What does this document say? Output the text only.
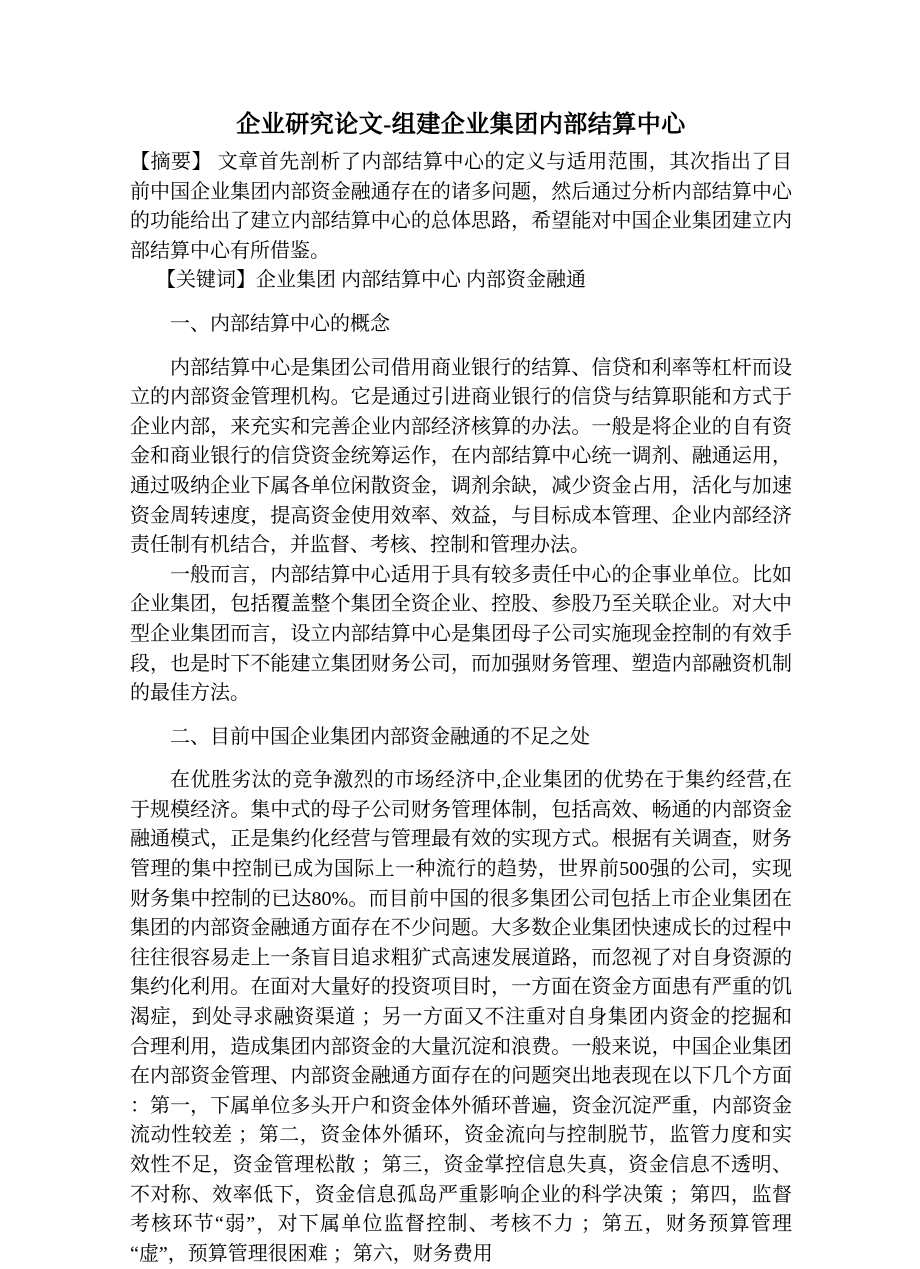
企业研究论文-组建企业集团内部结算中心

【摘要】 文章首先剖析了内部结算中心的定义与适用范围，其次指出了目前中国企业集团内部资金融通存在的诸多问题，然后通过分析内部结算中心的功能给出了建立内部结算中心的总体思路，希望能对中国企业集团建立内部结算中心有所借鉴。

【关键词】企业集团 内部结算中心 内部资金融通

一、内部结算中心的概念

内部结算中心是集团公司借用商业银行的结算、信贷和利率等杠杆而设立的内部资金管理机构。它是通过引进商业银行的信贷与结算职能和方式于企业内部，来充实和完善企业内部经济核算的办法。一般是将企业的自有资金和商业银行的信贷资金统筹运作，在内部结算中心统一调剂、融通运用，通过吸纳企业下属各单位闲散资金，调剂余缺，减少资金占用，活化与加速资金周转速度，提高资金使用效率、效益，与目标成本管理、企业内部经济责任制有机结合，并监督、考核、控制和管理办法。

一般而言，内部结算中心适用于具有较多责任中心的企事业单位。比如企业集团，包括覆盖整个集团全资企业、控股、参股乃至关联企业。对大中型企业集团而言，设立内部结算中心是集团母子公司实施现金控制的有效手段，也是时下不能建立集团财务公司，而加强财务管理、塑造内部融资机制的最佳方法。

二、目前中国企业集团内部资金融通的不足之处

在优胜劣汰的竞争激烈的市场经济中,企业集团的优势在于集约经营,在于规模经济。集中式的母子公司财务管理体制，包括高效、畅通的内部资金融通模式，正是集约化经营与管理最有效的实现方式。根据有关调查，财务管理的集中控制已成为国际上一种流行的趋势，世界前500强的公司，实现财务集中控制的已达80%。而目前中国的很多集团公司包括上市企业集团在集团的内部资金融通方面存在不少问题。大多数企业集团快速成长的过程中往往很容易走上一条盲目追求粗犷式高速发展道路，而忽视了对自身资源的集约化利用。在面对大量好的投资项目时，一方面在资金方面患有严重的饥渴症，到处寻求融资渠道 ；另一方面又不注重对自身集团内资金的挖掘和合理利用，造成集团内部资金的大量沉淀和浪费。一般来说，中国企业集团在内部资金管理、内部资金融通方面存在的问题突出地表现在以下几个方面 ：第一，下属单位多头开户和资金体外循环普遍，资金沉淀严重，内部资金流动性较差 ；第二，资金体外循环，资金流向与控制脱节，监管力度和实效性不足，资金管理松散 ；第三，资金掌控信息失真，资金信息不透明、不对称、效率低下，资金信息孤岛严重影响企业的科学决策 ；第四，监督考核环节“弱”，对下属单位监督控制、考核不力 ；第五，财务预算管理“虚”，预算管理很困难 ；第六，财务费用
